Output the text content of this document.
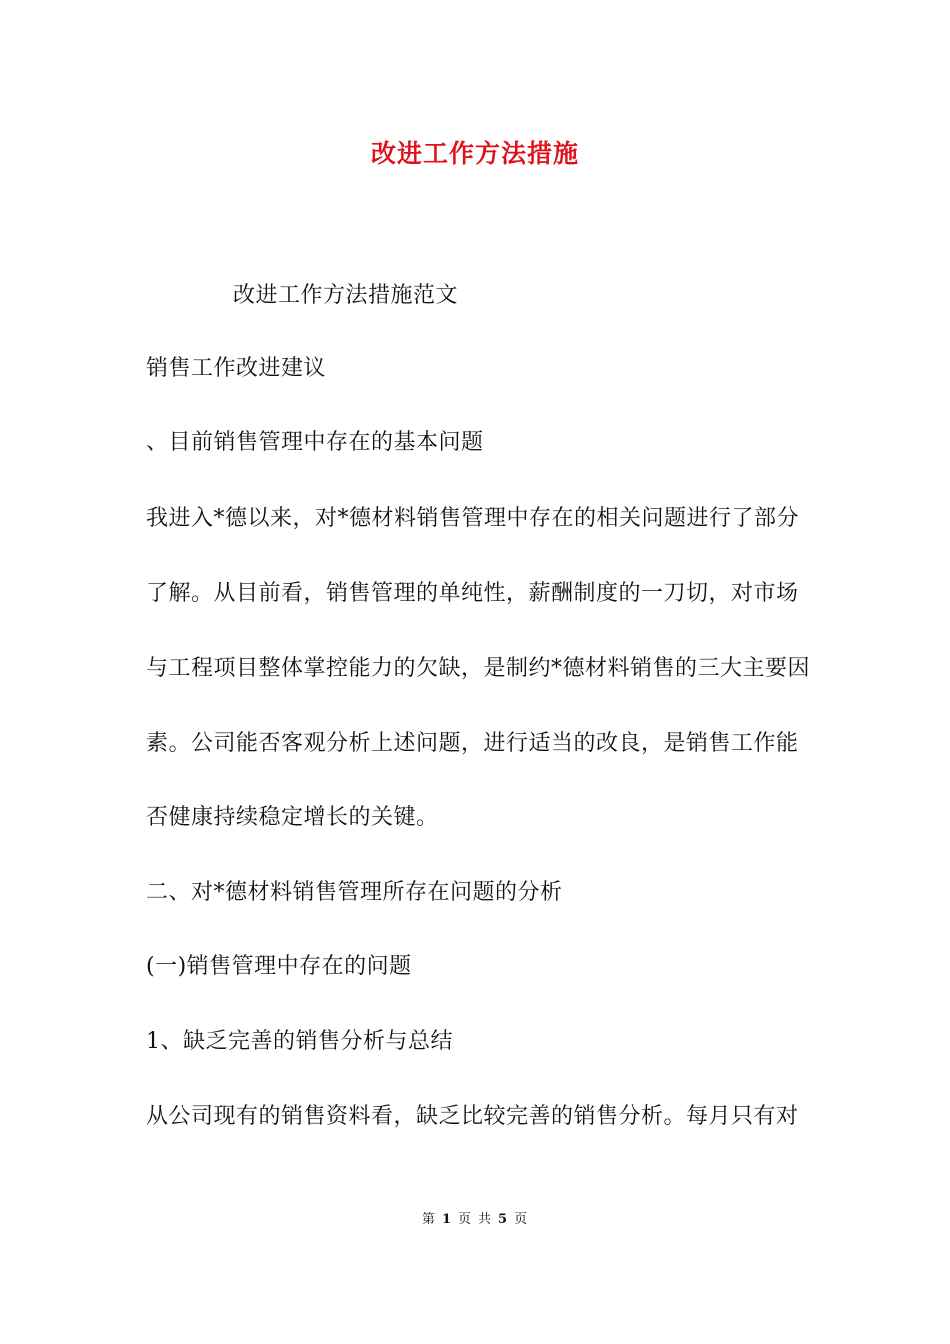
改进工作方法措施

改进工作方法措施范文

销售工作改进建议

、目前销售管理中存在的基本问题

我进入*德以来，对*德材料销售管理中存在的相关问题进行了部分

了解。从目前看，销售管理的单纯性，薪酬制度的一刀切，对市场

与工程项目整体掌控能力的欠缺，是制约*德材料销售的三大主要因

素。公司能否客观分析上述问题，进行适当的改良，是销售工作能

否健康持续稳定增长的关键。

二、对*德材料销售管理所存在问题的分析

(一)销售管理中存在的问题

1、缺乏完善的销售分析与总结

从公司现有的销售资料看，缺乏比较完善的销售分析。每月只有对

第 1 页 共 5 页
